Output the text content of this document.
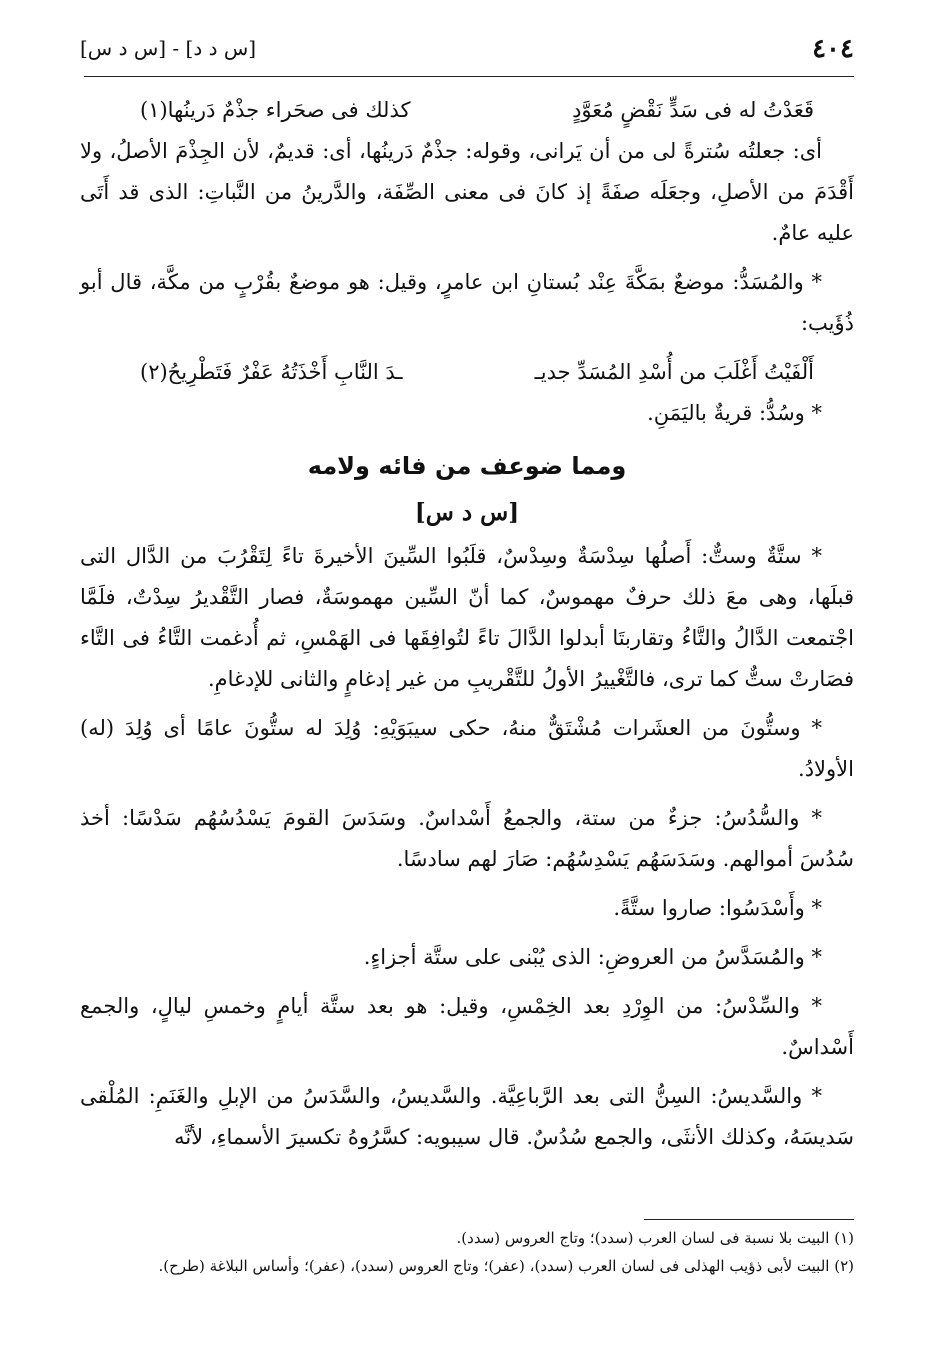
٤٠٤
[س د د] - [س د س]
قَعَدْتُ له فى سَدٍّ نَقْضٍ مُعَوَّدٍ
كذلك فى صحَراء جذْمٌ دَرينُها(١)

أى: جعلتُه سُترةً لى من أن يَرانى، وقوله: جذْمٌ دَرينُها، أى: قديمٌ، لأن الجِذْمَ الأصلُ، ولا أَقْدَمَ من الأصلِ، وجعَلَه صفَةً إذ كانَ فى معنى الصِّفَة، والدَّرينُ من النَّباتِ: الذى قد أَتَى عليه عامٌ.

* والمُسَدُّ: موضعٌ بمَكَّةَ عِنْد بُستانِ ابن عامرٍ، وقيل: هو موضعٌ بقُرْبٍ من مكَّة، قال أبو ذُؤَيب:

أَلْفَيْتُ أَغْلَبَ من أُسْدِ المُسَدِّ جديـ
ـدَ النَّابِ أَخْذَتُهُ عَفْرٌ فَتَطْرِيحُ(٢)

* وسُدُّ: قريةٌ باليَمَنِ.

ومما ضوعف من فائه ولامه
[س د س]

* ستَّةٌ وستٌّ: أَصلُها سِدْسَةٌ وسِدْسٌ، قلَبُوا السِّينَ الأخيرةَ تاءً لِتَقْرُبَ من الدَّال التى قبلَها، وهى معَ ذلك حرفٌ مهموسٌ، كما أنّ السِّين مهموسَةٌ، فصار التَّقْديرُ سِدْتٌ، فلَمَّا اجْتمعت الدَّالُ والتَّاءُ وتقاربتَا أبدلوا الدَّالَ تاءً لتُوافِقَها فى الهَمْسِ، ثم أُدغمت التَّاءُ فى التَّاء فصَارتْ ستٌّ كما ترى، فالتَّغْييرُ الأولُ للتَّقْريبِ من غير إدغامٍ والثانى للإدغامِ.

* وستُّونَ من العشَرات مُشْتَقٌّ منهُ، حكى سيبَوَيْهِ: وُلِدَ له ستُّونَ عامًا أى وُلِدَ (له) الأولادُ.

* والسُّدُسُ: جزءٌ من ستة، والجمعُ أَسْداسٌ. وسَدَسَ القومَ يَسْدُسُهُم سَدْسًا: أخذ سُدُسَ أموالهم. وسَدَسَهُم يَسْدِسُهُم: صَارَ لهم سادسًا.

* وأَسْدَسُوا: صاروا ستَّةً.

* والمُسَدَّسُ من العروضِ: الذى يُبْنى على ستَّة أجزاءٍ.

* والسِّدْسُ: من الوِرْدِ بعد الخِمْسِ، وقيل: هو بعد ستَّة أيامٍ وخمسِ ليالٍ، والجمع أَسْداسٌ.

* والسَّديسُ: السِنُّ التى بعد الرَّباعِيَّة. والسَّديسُ، والسَّدَسُ من الإبلِ والغَنَمِ: المُلْقى سَديسَهُ، وكذلك الأنثَى، والجمع سُدُسٌ. قال سيبويه: كسَّرُوهُ تكسيرَ الأسماءِ، لأنَّه

(١) البيت بلا نسبة فى لسان العرب (سدد)؛ وتاج العروس (سدد).

(٢) البيت لأبى ذؤيب الهذلى فى لسان العرب (سدد)، (عفر)؛ وتاج العروس (سدد)، (عفر)؛ وأساس البلاغة (طرح).
